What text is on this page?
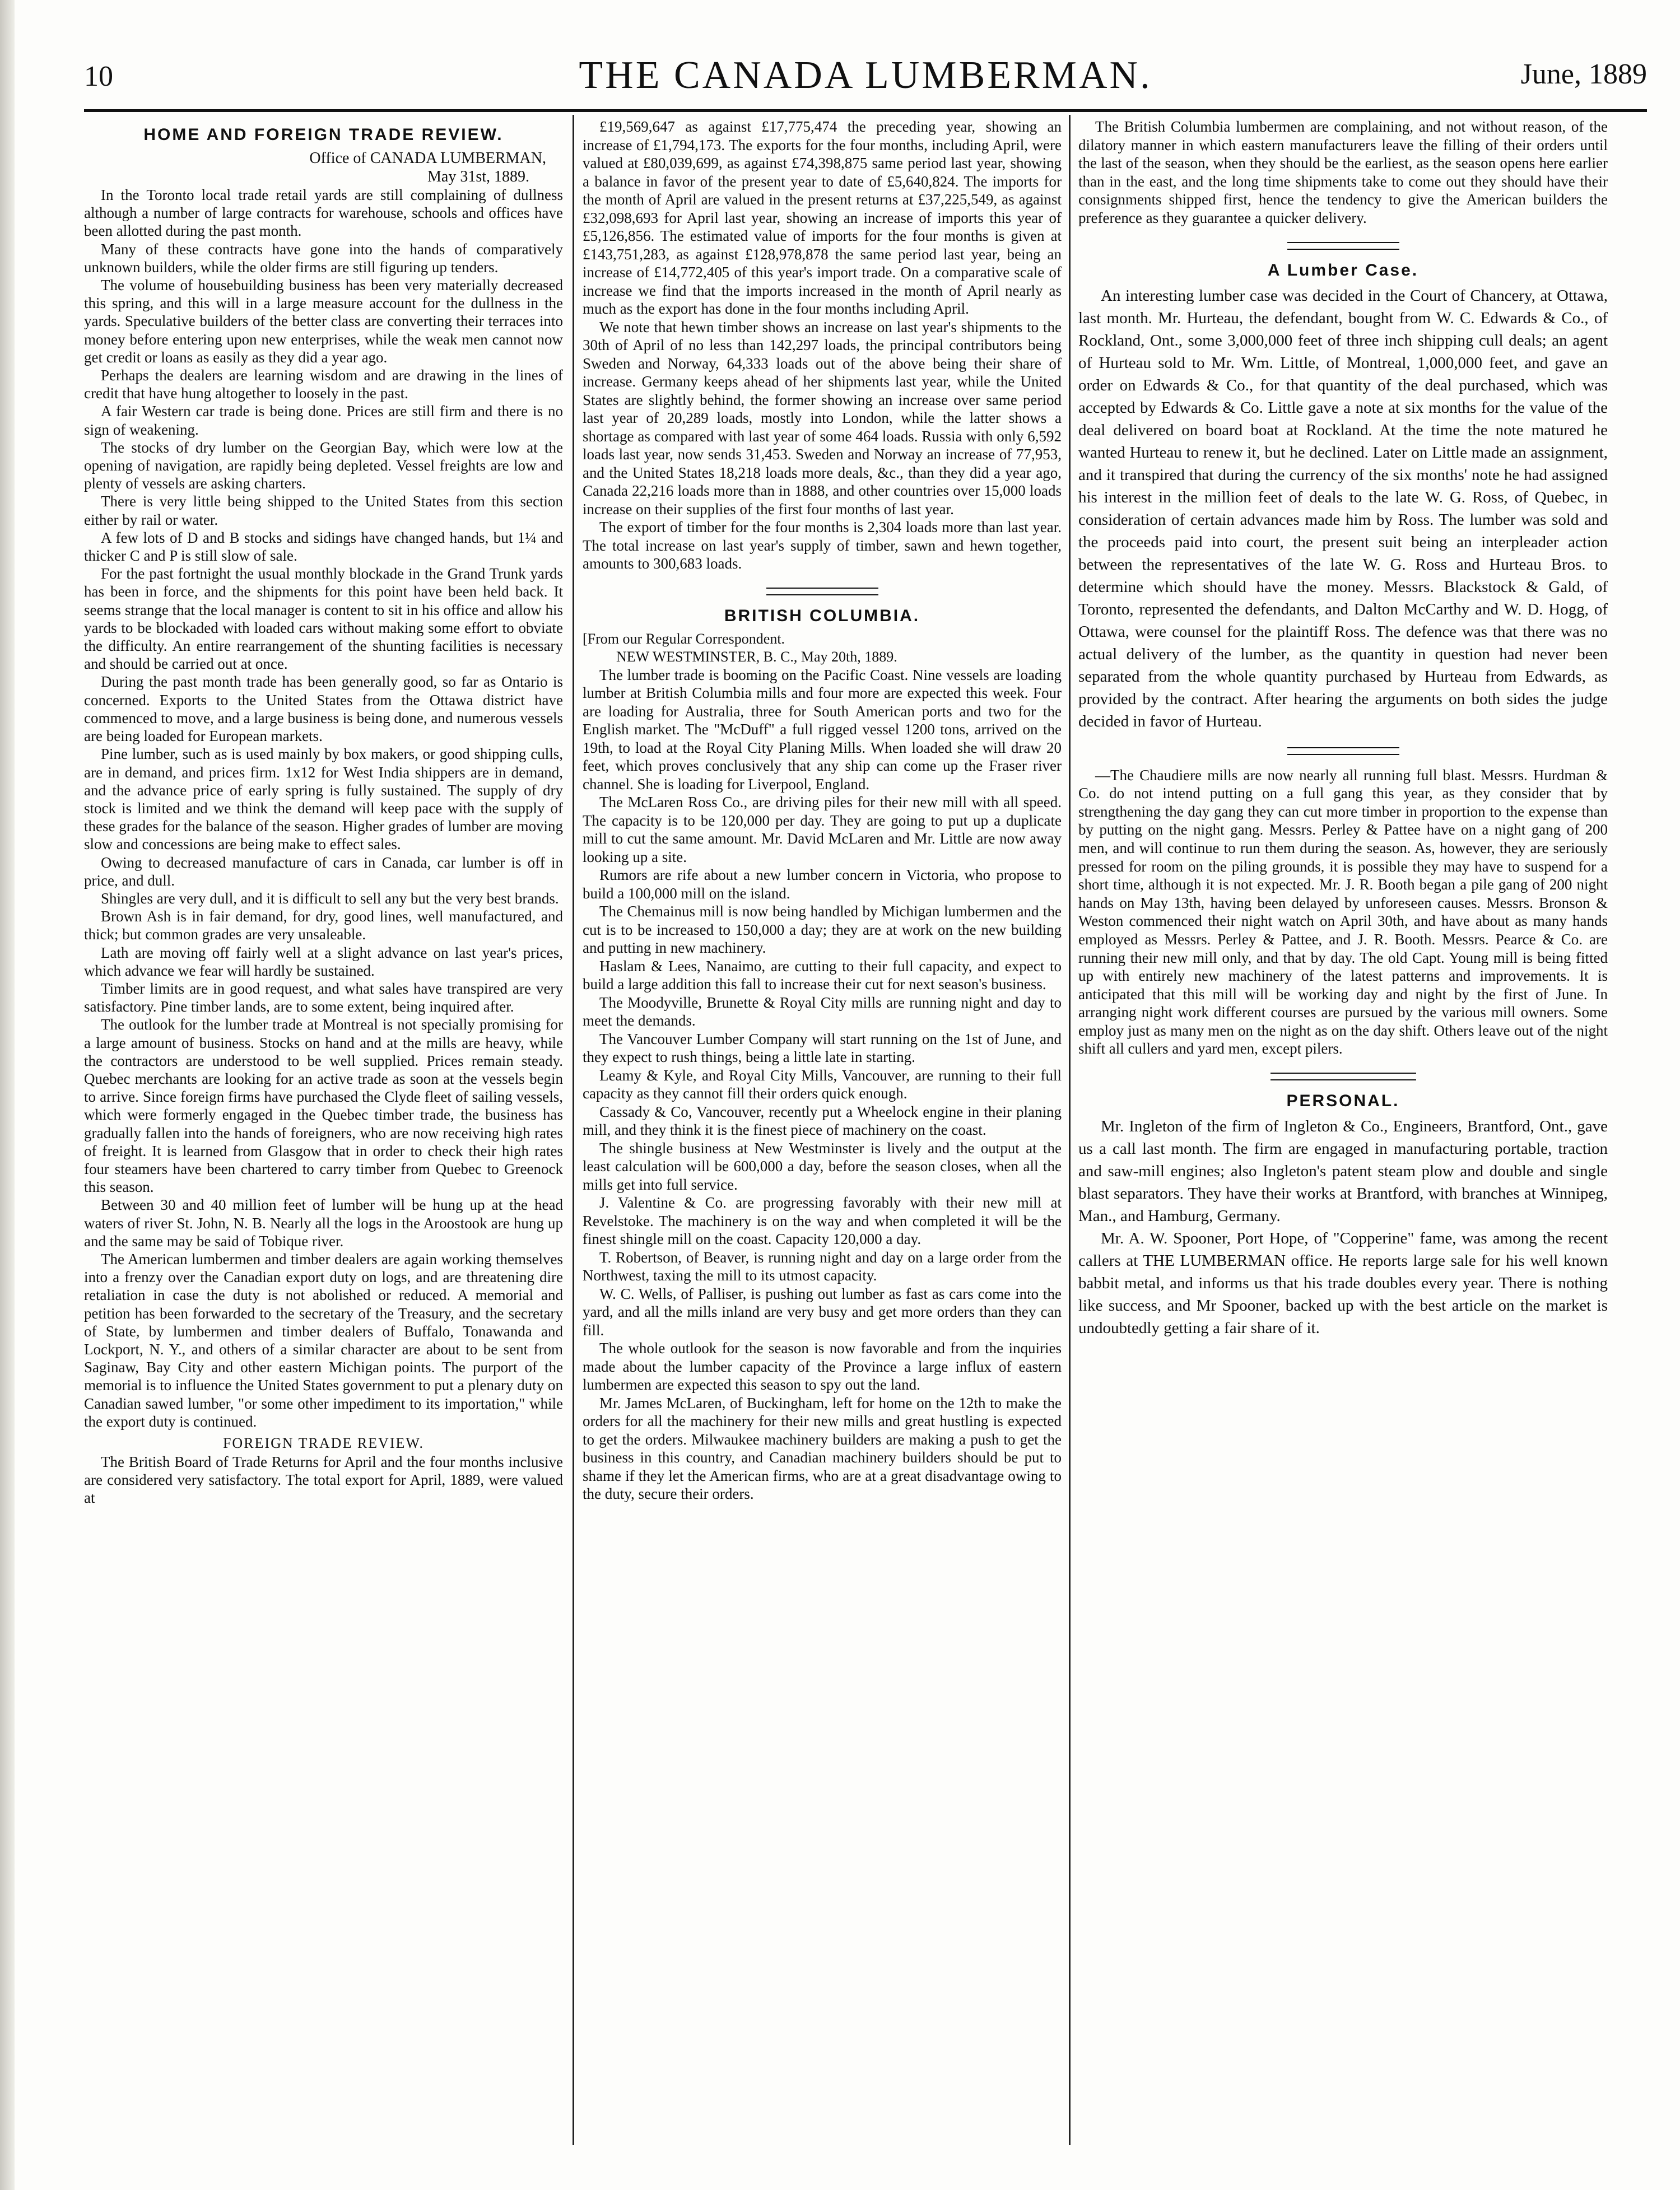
10	THE CANADA LUMBERMAN.	June, 1889
HOME AND FOREIGN TRADE REVIEW.

Office of CANADA LUMBERMAN,

May 31st, 1889.

In the Toronto local trade retail yards are still complaining of dullness although a number of large contracts for warehouse, schools and offices have been allotted during the past month.

Many of these contracts have gone into the hands of comparatively unknown builders, while the older firms are still figuring up tenders.

The volume of housebuilding business has been very materially decreased this spring, and this will in a large measure account for the dullness in the yards. Speculative builders of the better class are converting their terraces into money before entering upon new enterprises, while the weak men cannot now get credit or loans as easily as they did a year ago.

Perhaps the dealers are learning wisdom and are drawing in the lines of credit that have hung altogether to loosely in the past.

A fair Western car trade is being done. Prices are still firm and there is no sign of weakening.

The stocks of dry lumber on the Georgian Bay, which were low at the opening of navigation, are rapidly being depleted. Vessel freights are low and plenty of vessels are asking charters.

There is very little being shipped to the United States from this section either by rail or water.

A few lots of D and B stocks and sidings have changed hands, but 1¼ and thicker C and P is still slow of sale.

For the past fortnight the usual monthly blockade in the Grand Trunk yards has been in force, and the shipments for this point have been held back. It seems strange that the local manager is content to sit in his office and allow his yards to be blockaded with loaded cars without making some effort to obviate the difficulty. An entire rearrangement of the shunting facilities is necessary and should be carried out at once.

During the past month trade has been generally good, so far as Ontario is concerned. Exports to the United States from the Ottawa district have commenced to move, and a large business is being done, and numerous vessels are being loaded for European markets.

Pine lumber, such as is used mainly by box makers, or good shipping culls, are in demand, and prices firm. 1x12 for West India shippers are in demand, and the advance price of early spring is fully sustained. The supply of dry stock is limited and we think the demand will keep pace with the supply of these grades for the balance of the season. Higher grades of lumber are moving slow and concessions are being make to effect sales.

Owing to decreased manufacture of cars in Canada, car lumber is off in price, and dull.

Shingles are very dull, and it is difficult to sell any but the very best brands.

Brown Ash is in fair demand, for dry, good lines, well manufactured, and thick; but common grades are very unsaleable.

Lath are moving off fairly well at a slight advance on last year's prices, which advance we fear will hardly be sustained.

Timber limits are in good request, and what sales have transpired are very satisfactory. Pine timber lands, are to some extent, being inquired after.

The outlook for the lumber trade at Montreal is not specially promising for a large amount of business. Stocks on hand and at the mills are heavy, while the contractors are understood to be well supplied. Prices remain steady. Quebec merchants are looking for an active trade as soon at the vessels begin to arrive. Since foreign firms have purchased the Clyde fleet of sailing vessels, which were formerly engaged in the Quebec timber trade, the business has gradually fallen into the hands of foreigners, who are now receiving high rates of freight. It is learned from Glasgow that in order to check their high rates four steamers have been chartered to carry timber from Quebec to Greenock this season.

Between 30 and 40 million feet of lumber will be hung up at the head waters of river St. John, N. B. Nearly all the logs in the Aroostook are hung up and the same may be said of Tobique river.

The American lumbermen and timber dealers are again working themselves into a frenzy over the Canadian export duty on logs, and are threatening dire retaliation in case the duty is not abolished or reduced. A memorial and petition has been forwarded to the secretary of the Treasury, and the secretary of State, by lumbermen and timber dealers of Buffalo, Tonawanda and Lockport, N. Y., and others of a similar character are about to be sent from Saginaw, Bay City and other eastern Michigan points. The purport of the memorial is to influence the United States government to put a plenary duty on Canadian sawed lumber, "or some other impediment to its importation," while the export duty is continued.

FOREIGN TRADE REVIEW.

The British Board of Trade Returns for April and the four months inclusive are considered very satisfactory. The total export for April, 1889, were valued at

£19,569,647 as against £17,775,474 the preceding year, showing an increase of £1,794,173. The exports for the four months, including April, were valued at £80,039,699, as against £74,398,875 same period last year, showing a balance in favor of the present year to date of £5,640,824. The imports for the month of April are valued in the present returns at £37,225,549, as against £32,098,693 for April last year, showing an increase of imports this year of £5,126,856. The estimated value of imports for the four months is given at £143,751,283, as against £128,978,878 the same period last year, being an increase of £14,772,405 of this year's import trade. On a comparative scale of increase we find that the imports increased in the month of April nearly as much as the export has done in the four months including April.

We note that hewn timber shows an increase on last year's shipments to the 30th of April of no less than 142,297 loads, the principal contributors being Sweden and Norway, 64,333 loads out of the above being their share of increase. Germany keeps ahead of her shipments last year, while the United States are slightly behind, the former showing an increase over same period last year of 20,289 loads, mostly into London, while the latter shows a shortage as compared with last year of some 464 loads. Russia with only 6,592 loads last year, now sends 31,453. Sweden and Norway an increase of 77,953, and the United States 18,218 loads more deals, &c., than they did a year ago, Canada 22,216 loads more than in 1888, and other countries over 15,000 loads increase on their supplies of the first four months of last year.

The export of timber for the four months is 2,304 loads more than last year. The total increase on last year's supply of timber, sawn and hewn together, amounts to 300,683 loads.

BRITISH COLUMBIA.

[From our Regular Correspondent.

NEW WESTMINSTER, B. C., May 20th, 1889.

The lumber trade is booming on the Pacific Coast. Nine vessels are loading lumber at British Columbia mills and four more are expected this week. Four are loading for Australia, three for South American ports and two for the English market. The "McDuff" a full rigged vessel 1200 tons, arrived on the 19th, to load at the Royal City Planing Mills. When loaded she will draw 20 feet, which proves conclusively that any ship can come up the Fraser river channel. She is loading for Liverpool, England.

The McLaren Ross Co., are driving piles for their new mill with all speed. The capacity is to be 120,000 per day. They are going to put up a duplicate mill to cut the same amount. Mr. David McLaren and Mr. Little are now away looking up a site.

Rumors are rife about a new lumber concern in Victoria, who propose to build a 100,000 mill on the island.

The Chemainus mill is now being handled by Michigan lumbermen and the cut is to be increased to 150,000 a day; they are at work on the new building and putting in new machinery.

Haslam & Lees, Nanaimo, are cutting to their full capacity, and expect to build a large addition this fall to increase their cut for next season's business.

The Moodyville, Brunette & Royal City mills are running night and day to meet the demands.

The Vancouver Lumber Company will start running on the 1st of June, and they expect to rush things, being a little late in starting.

Leamy & Kyle, and Royal City Mills, Vancouver, are running to their full capacity as they cannot fill their orders quick enough.

Cassady & Co, Vancouver, recently put a Wheelock engine in their planing mill, and they think it is the finest piece of machinery on the coast.

The shingle business at New Westminster is lively and the output at the least calculation will be 600,000 a day, before the season closes, when all the mills get into full service.

J. Valentine & Co. are progressing favorably with their new mill at Revelstoke. The machinery is on the way and when completed it will be the finest shingle mill on the coast. Capacity 120,000 a day.

T. Robertson, of Beaver, is running night and day on a large order from the Northwest, taxing the mill to its utmost capacity.

W. C. Wells, of Palliser, is pushing out lumber as fast as cars come into the yard, and all the mills inland are very busy and get more orders than they can fill.

The whole outlook for the season is now favorable and from the inquiries made about the lumber capacity of the Province a large influx of eastern lumbermen are expected this season to spy out the land.

Mr. James McLaren, of Buckingham, left for home on the 12th to make the orders for all the machinery for their new mills and great hustling is expected to get the orders. Milwaukee machinery builders are making a push to get the business in this country, and Canadian machinery builders should be put to shame if they let the American firms, who are at a great disadvantage owing to the duty, secure their orders.

The British Columbia lumbermen are complaining, and not without reason, of the dilatory manner in which eastern manufacturers leave the filling of their orders until the last of the season, when they should be the earliest, as the season opens here earlier than in the east, and the long time shipments take to come out they should have their consignments shipped first, hence the tendency to give the American builders the preference as they guarantee a quicker delivery.

A Lumber Case.

An interesting lumber case was decided in the Court of Chancery, at Ottawa, last month. Mr. Hurteau, the defendant, bought from W. C. Edwards & Co., of Rockland, Ont., some 3,000,000 feet of three inch shipping cull deals; an agent of Hurteau sold to Mr. Wm. Little, of Montreal, 1,000,000 feet, and gave an order on Edwards & Co., for that quantity of the deal purchased, which was accepted by Edwards & Co. Little gave a note at six months for the value of the deal delivered on board boat at Rockland. At the time the note matured he wanted Hurteau to renew it, but he declined. Later on Little made an assignment, and it transpired that during the currency of the six months' note he had assigned his interest in the million feet of deals to the late W. G. Ross, of Quebec, in consideration of certain advances made him by Ross. The lumber was sold and the proceeds paid into court, the present suit being an interpleader action between the representatives of the late W. G. Ross and Hurteau Bros. to determine which should have the money. Messrs. Blackstock & Gald, of Toronto, represented the defendants, and Dalton McCarthy and W. D. Hogg, of Ottawa, were counsel for the plaintiff Ross. The defence was that there was no actual delivery of the lumber, as the quantity in question had never been separated from the whole quantity purchased by Hurteau from Edwards, as provided by the contract. After hearing the arguments on both sides the judge decided in favor of Hurteau.

—The Chaudiere mills are now nearly all running full blast. Messrs. Hurdman & Co. do not intend putting on a full gang this year, as they consider that by strengthening the day gang they can cut more timber in proportion to the expense than by putting on the night gang. Messrs. Perley & Pattee have on a night gang of 200 men, and will continue to run them during the season. As, however, they are seriously pressed for room on the piling grounds, it is possible they may have to suspend for a short time, although it is not expected. Mr. J. R. Booth began a pile gang of 200 night hands on May 13th, having been delayed by unforeseen causes. Messrs. Bronson & Weston commenced their night watch on April 30th, and have about as many hands employed as Messrs. Perley & Pattee, and J. R. Booth. Messrs. Pearce & Co. are running their new mill only, and that by day. The old Capt. Young mill is being fitted up with entirely new machinery of the latest patterns and improvements. It is anticipated that this mill will be working day and night by the first of June. In arranging night work different courses are pursued by the various mill owners. Some employ just as many men on the night as on the day shift. Others leave out of the night shift all cullers and yard men, except pilers.

PERSONAL.

Mr. Ingleton of the firm of Ingleton & Co., Engineers, Brantford, Ont., gave us a call last month. The firm are engaged in manufacturing portable, traction and saw-mill engines; also Ingleton's patent steam plow and double and single blast separators. They have their works at Brantford, with branches at Winnipeg, Man., and Hamburg, Germany.

Mr. A. W. Spooner, Port Hope, of "Copperine" fame, was among the recent callers at THE LUMBERMAN office. He reports large sale for his well known babbit metal, and informs us that his trade doubles every year. There is nothing like success, and Mr Spooner, backed up with the best article on the market is undoubtedly getting a fair share of it.
